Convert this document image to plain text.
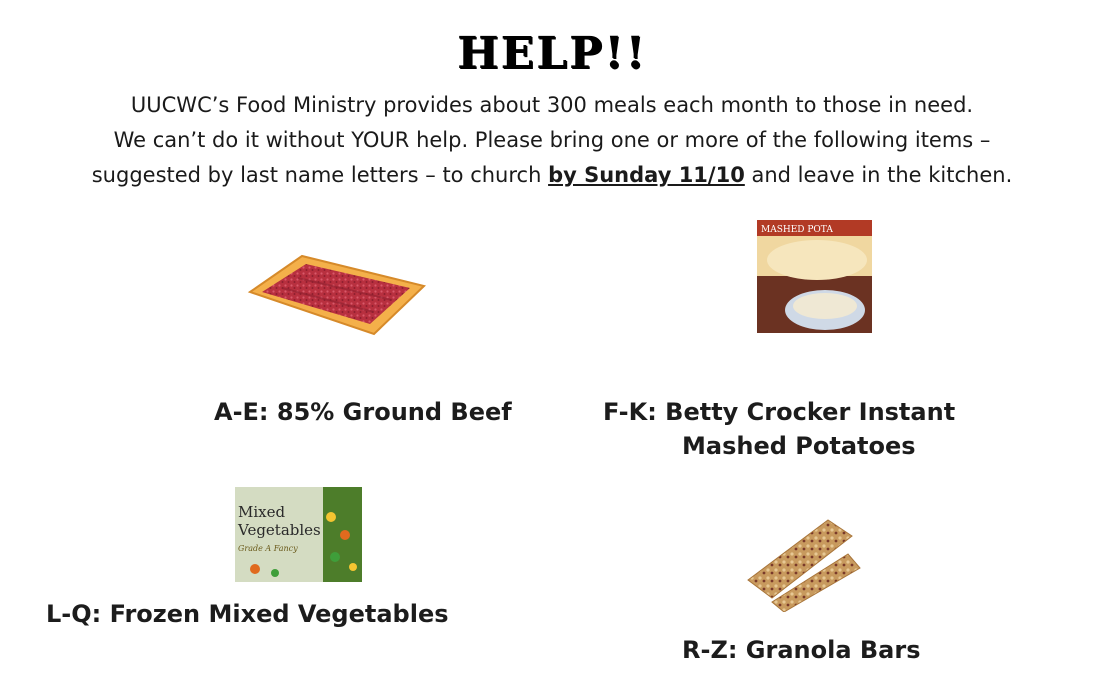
HELP!!
UUCWC’s Food Ministry provides about 300 meals each month to those in need.
We can’t do it without YOUR help. Please bring one or more of the following items –
suggested by last name letters – to church by Sunday 11/10 and leave in the kitchen.
MASHED POTA
Mixed
Vegetables
Grade A Fancy
A-E: 85% Ground Beef	F-K: Betty Crocker Instant
Mashed Potatoes
L-Q: Frozen Mixed Vegetables
R-Z: Granola Bars
